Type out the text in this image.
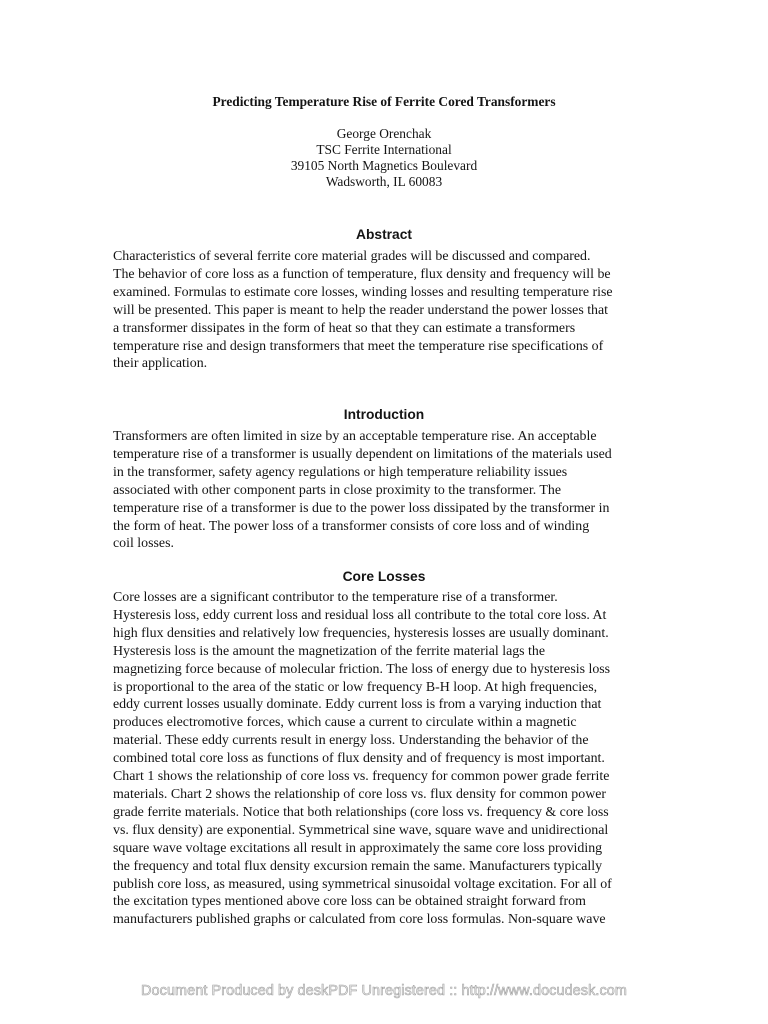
Predicting Temperature Rise of Ferrite Cored Transformers
George Orenchak
TSC Ferrite International
39105 North Magnetics Boulevard
Wadsworth, IL 60083
Abstract
Characteristics of several ferrite core material grades will be discussed and compared.
The behavior of core loss as a function of temperature, flux density and frequency will be
examined. Formulas to estimate core losses, winding losses and resulting temperature rise
will be presented. This paper is meant to help the reader understand the power losses that
a transformer dissipates in the form of heat so that they can estimate a transformers
temperature rise and design transformers that meet the temperature rise specifications of
their application.
Introduction
Transformers are often limited in size by an acceptable temperature rise. An acceptable
temperature rise of a transformer is usually dependent on limitations of the materials used
in the transformer, safety agency regulations or high temperature reliability issues
associated with other component parts in close proximity to the transformer. The
temperature rise of a transformer is due to the power loss dissipated by the transformer in
the form of heat. The power loss of a transformer consists of core loss and of winding
coil losses.
Core Losses
Core losses are a significant contributor to the temperature rise of a transformer.
Hysteresis loss, eddy current loss and residual loss all contribute to the total core loss. At
high flux densities and relatively low frequencies, hysteresis losses are usually dominant.
Hysteresis loss is the amount the magnetization of the ferrite material lags the
magnetizing force because of molecular friction. The loss of energy due to hysteresis loss
is proportional to the area of the static or low frequency B-H loop. At high frequencies,
eddy current losses usually dominate. Eddy current loss is from a varying induction that
produces electromotive forces, which cause a current to circulate within a magnetic
material. These eddy currents result in energy loss. Understanding the behavior of the
combined total core loss as functions of flux density and of frequency is most important.
Chart 1 shows the relationship of core loss vs. frequency for common power grade ferrite
materials. Chart 2 shows the relationship of core loss vs. flux density for common power
grade ferrite materials. Notice that both relationships (core loss vs. frequency & core loss
vs. flux density) are exponential. Symmetrical sine wave, square wave and unidirectional
square wave voltage excitations all result in approximately the same core loss providing
the frequency and total flux density excursion remain the same. Manufacturers typically
publish core loss, as measured, using symmetrical sinusoidal voltage excitation. For all of
the excitation types mentioned above core loss can be obtained straight forward from
manufacturers published graphs or calculated from core loss formulas. Non-square wave
Document Produced by deskPDF Unregistered :: http://www.docudesk.com
